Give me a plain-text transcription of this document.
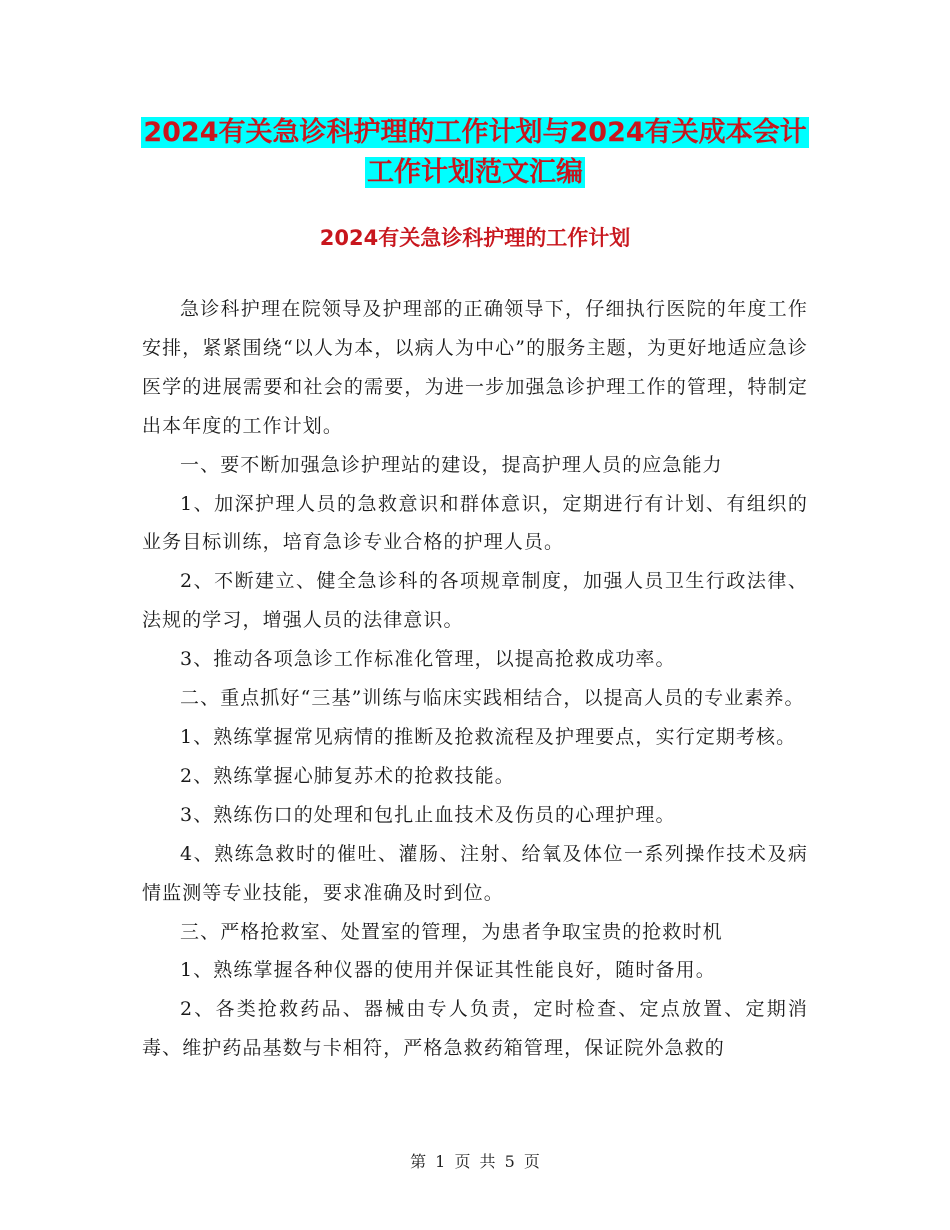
2024有关急诊科护理的工作计划与2024有关成本会计
工作计划范文汇编
2024有关急诊科护理的工作计划

急诊科护理在院领导及护理部的正确领导下，仔细执行医院的年度工作安排，紧紧围绕“以人为本，以病人为中心”的服务主题，为更好地适应急诊医学的进展需要和社会的需要，为进一步加强急诊护理工作的管理，特制定出本年度的工作计划。

一、要不断加强急诊护理站的建设，提高护理人员的应急能力

1、加深护理人员的急救意识和群体意识，定期进行有计划、有组织的业务目标训练，培育急诊专业合格的护理人员。

2、不断建立、健全急诊科的各项规章制度，加强人员卫生行政法律、法规的学习，增强人员的法律意识。

3、推动各项急诊工作标准化管理，以提高抢救成功率。

二、重点抓好“三基”训练与临床实践相结合，以提高人员的专业素养。

1、熟练掌握常见病情的推断及抢救流程及护理要点，实行定期考核。

2、熟练掌握心肺复苏术的抢救技能。

3、熟练伤口的处理和包扎止血技术及伤员的心理护理。

4、熟练急救时的催吐、灌肠、注射、给氧及体位一系列操作技术及病情监测等专业技能，要求准确及时到位。

三、严格抢救室、处置室的管理，为患者争取宝贵的抢救时机

1、熟练掌握各种仪器的使用并保证其性能良好，随时备用。

2、各类抢救药品、器械由专人负责，定时检查、定点放置、定期消毒、维护药品基数与卡相符，严格急救药箱管理，保证院外急救的

第 1 页 共 5 页
